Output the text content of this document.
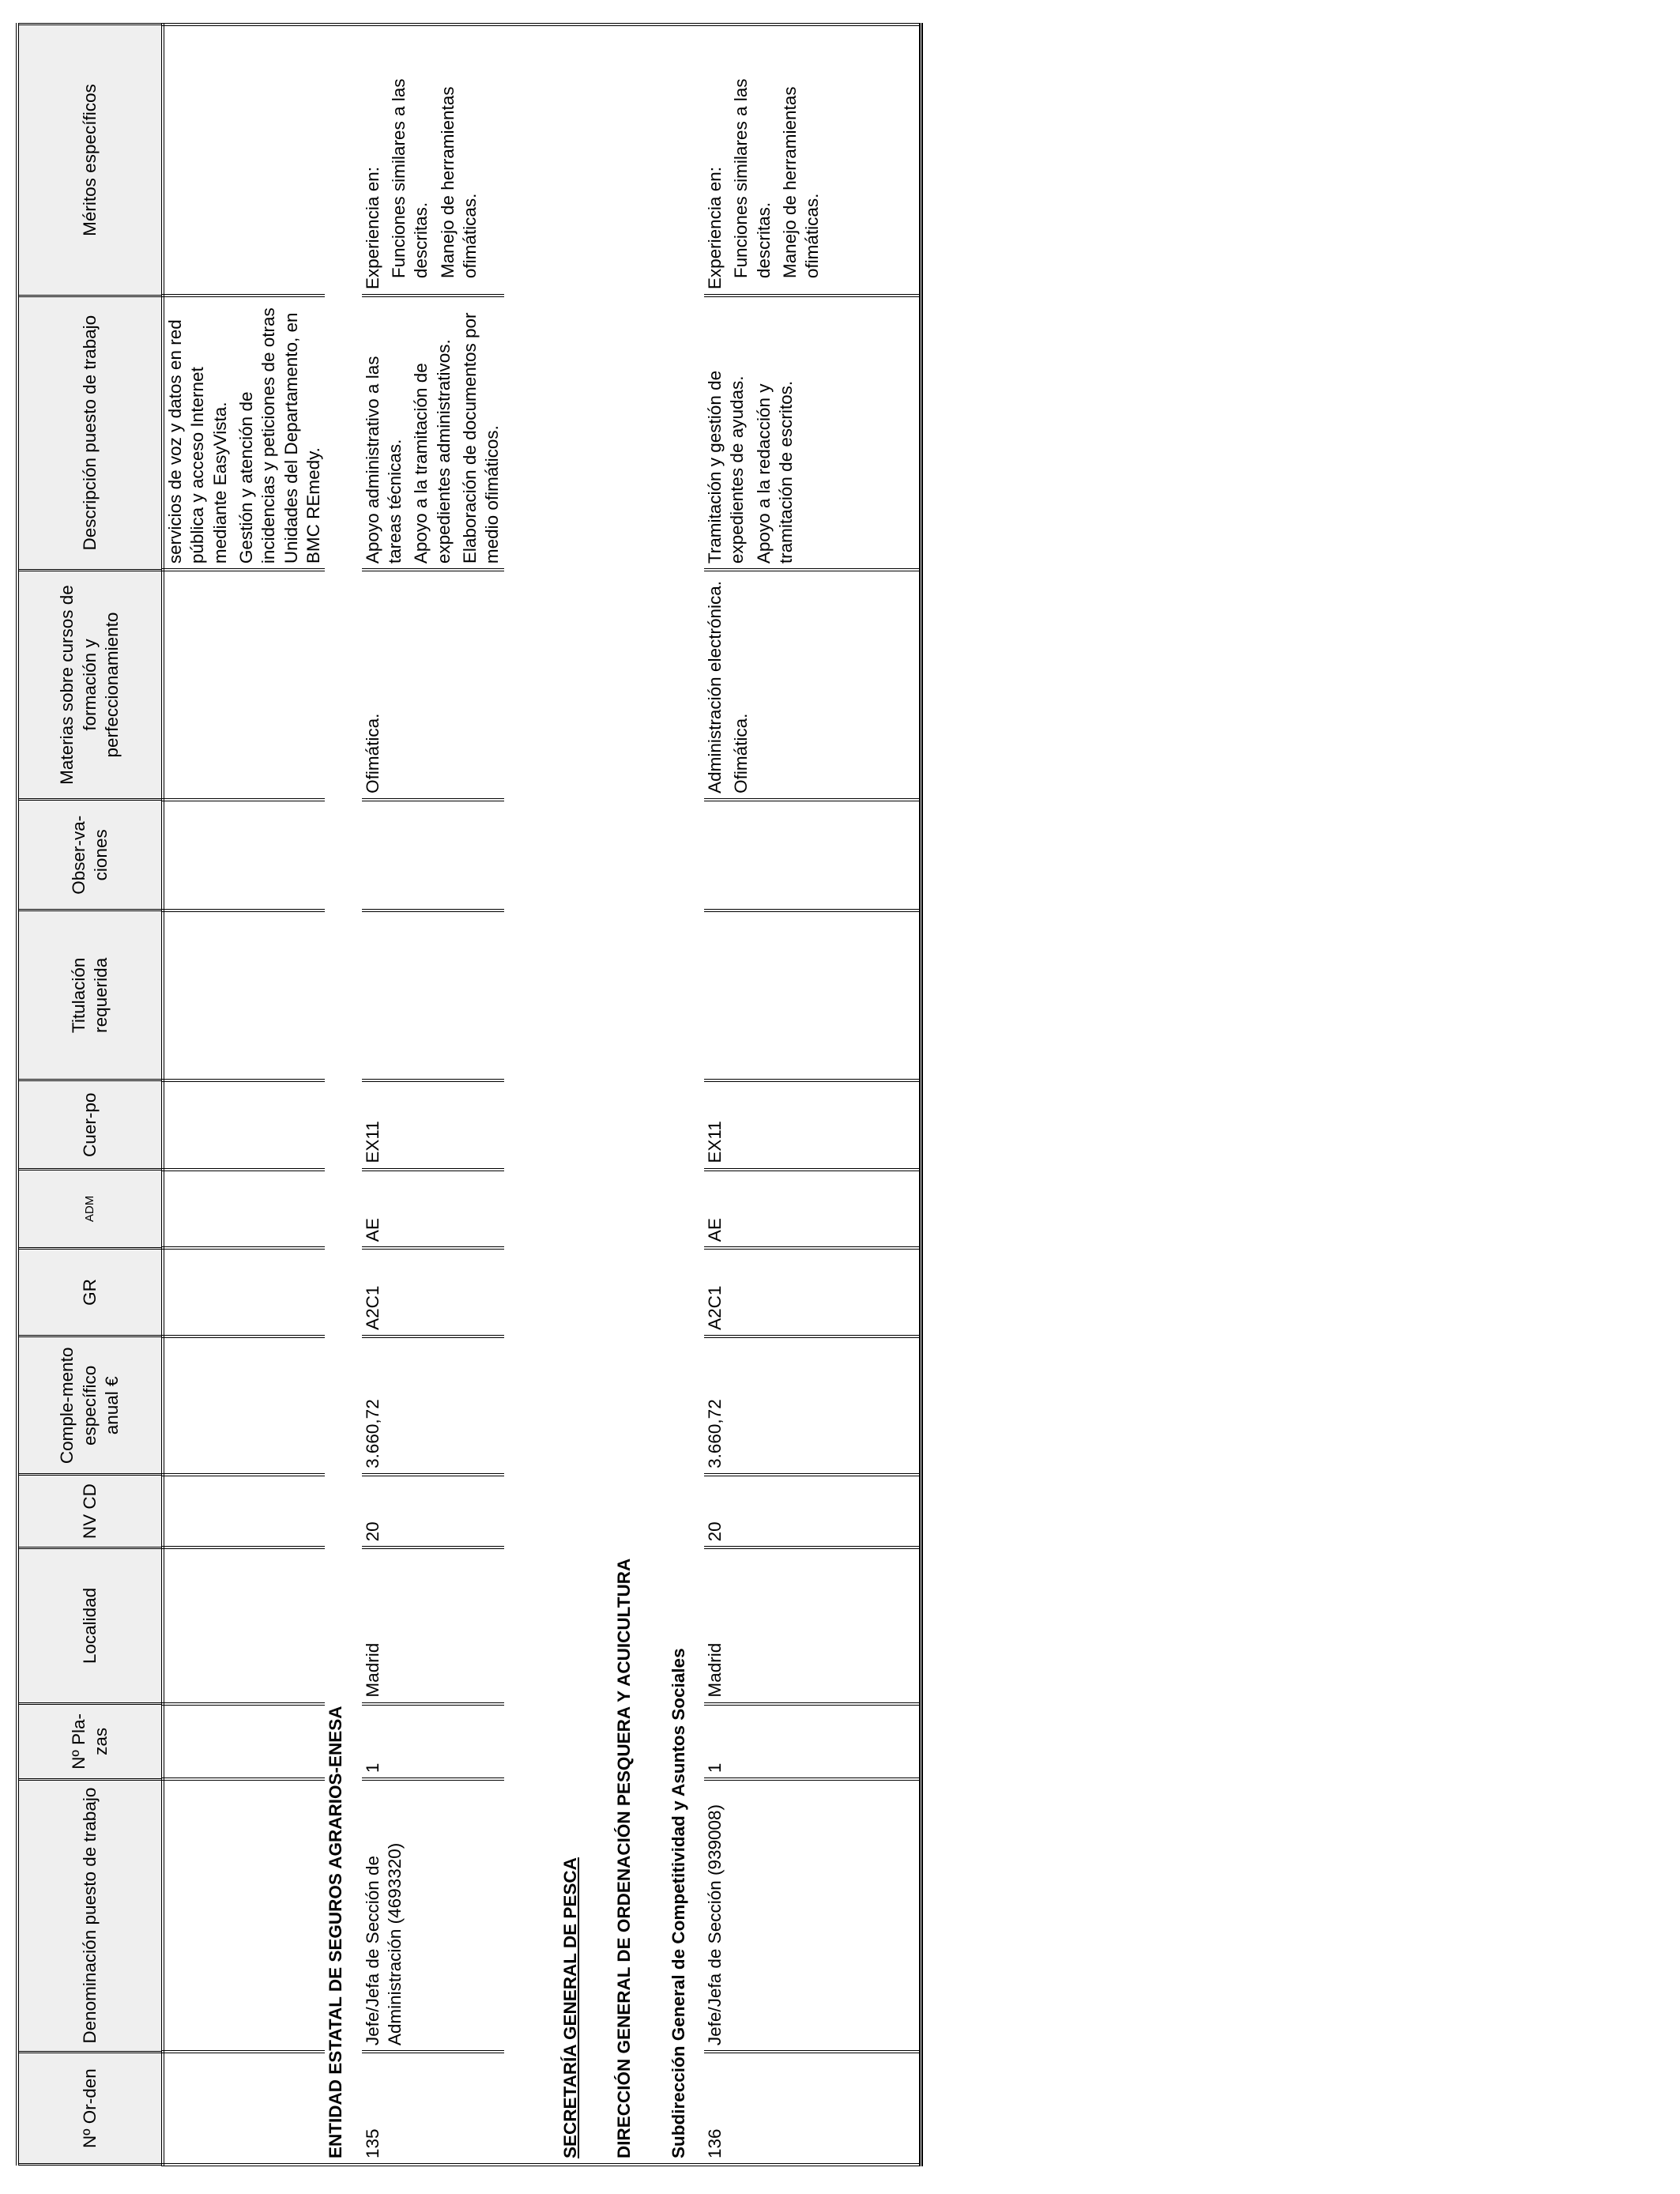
Nº Or-den	Denominación puesto de trabajo	Nº Pla-zas	Localidad	NV CD	Comple-mento específico anual €	GR	ADM	Cuer-po	Titulación requerida	Obser-va-ciones	Materias sobre cursos de formación y perfeccionamiento	Descripción puesto de trabajo	Méritos específicos

												servicios de voz y datos en red pública y acceso Internet mediante EasyVista. Gestión y atención de incidencias y peticiones de otras Unidades del Departamento, en BMC REmedy.	

ENTIDAD ESTATAL DE SEGUROS AGRARIOS-ENESA													

135	Jefe/Jefa de Sección de Administración (4693320)	1	Madrid	20	3.660,72	A2C1	AE	EX11			Ofimática.	Apoyo administrativo a las tareas técnicas. Apoyo a la tramitación de expedientes administrativos. Elaboración de documentos por medio ofimáticos.	Experiencia en: Funciones similares a las descritas. Manejo de herramientas ofimáticas.

SECRETARÍA GENERAL DE PESCA													

DIRECCIÓN GENERAL DE ORDENACIÓN PESQUERA Y ACUICULTURA													

Subdirección General de Competitividad y Asuntos Sociales													

136	Jefe/Jefa de Sección (939008)	1	Madrid	20	3.660,72	A2C1	AE	EX11			Administración electrónica. Ofimática.	Tramitación y gestión de expedientes de ayudas. Apoyo a la redacción y tramitación de escritos.	Experiencia en: Funciones similares a las descritas. Manejo de herramientas ofimáticas.
